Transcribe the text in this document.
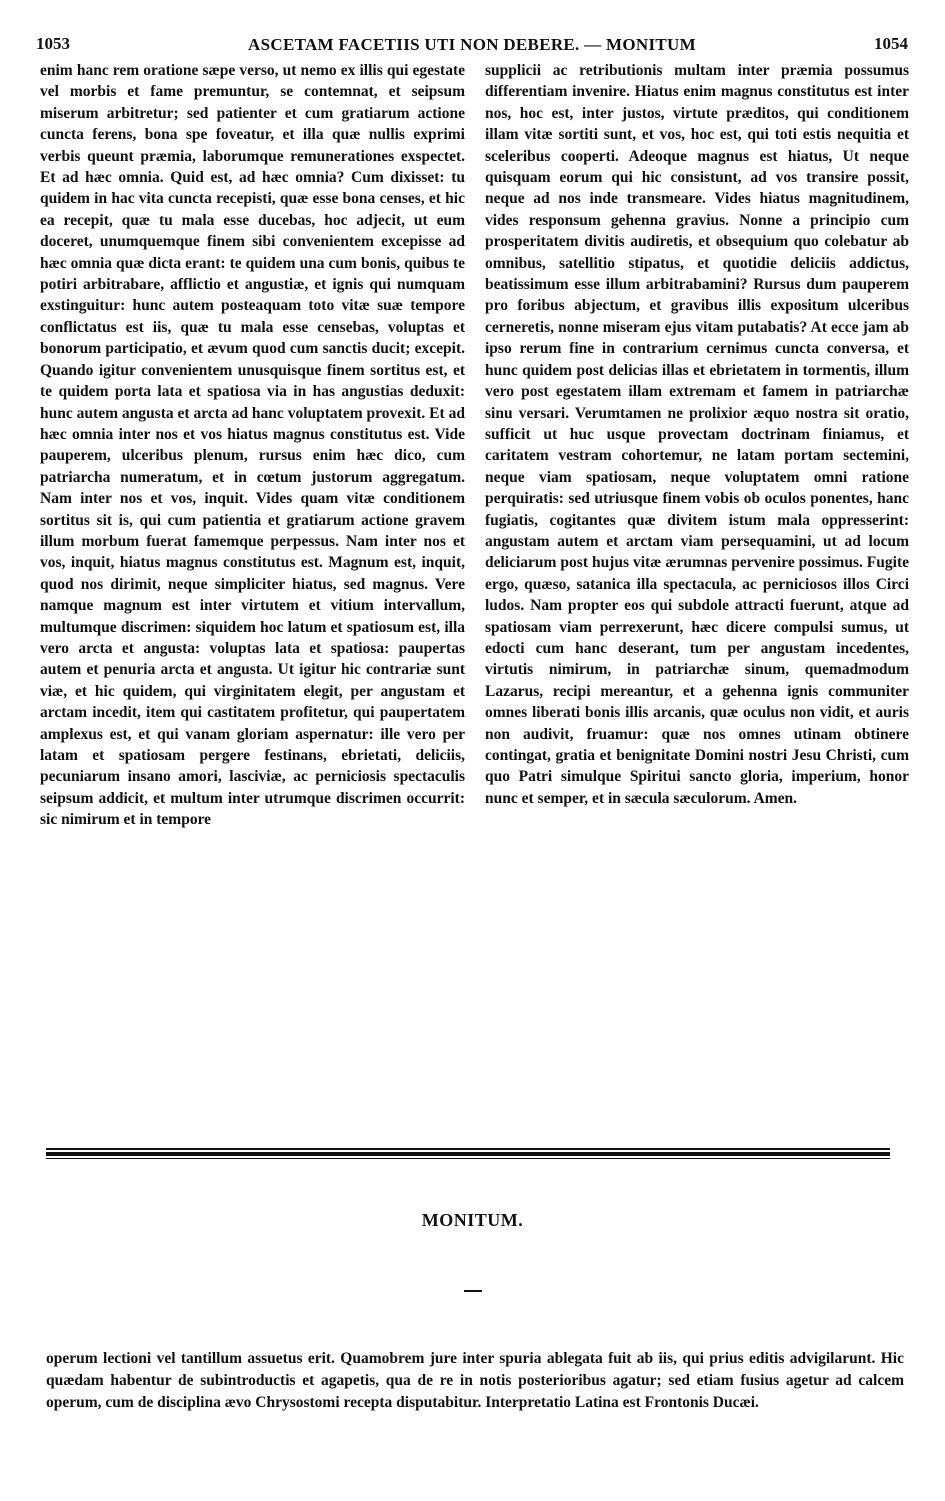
1053	ASCETAM FACETIIS UTI NON DEBERE. — MONITUM	1054

enim hanc rem oratione sæpe verso, ut nemo ex illis qui egestate vel morbis et fame premuntur, se contemnat, et seipsum miserum arbitretur; sed patienter et cum gratiarum actione cuncta ferens, bona spe foveatur, et illa quæ nullis exprimi verbis queunt præmia, laborumque remunerationes exspectet. Et ad hæc omnia. Quid est, ad hæc omnia? Cum dixisset: tu quidem in hac vita cuncta recepisti, quæ esse bona censes, et hic ea recepit, quæ tu mala esse ducebas, hoc adjecit, ut eum doceret, unumquemque finem sibi convenientem excepisse ad hæc omnia quæ dicta erant: te quidem una cum bonis, quibus te potiri arbitrabare, afflictio et angustiæ, et ignis qui numquam exstinguitur: hunc autem posteaquam toto vitæ suæ tempore conflictatus est iis, quæ tu mala esse censebas, voluptas et bonorum participatio, et ævum quod cum sanctis ducit; excepit. Quando igitur convenientem unusquisque finem sortitus est, et te quidem porta lata et spatiosa via in has angustias deduxit: hunc autem angusta et arcta ad hanc voluptatem provexit. Et ad hæc omnia inter nos et vos hiatus magnus constitutus est. Vide pauperem, ulceribus plenum, rursus enim hæc dico, cum patriarcha numeratum, et in cœtum justorum aggregatum. Nam inter nos et vos, inquit. Vides quam vitæ conditionem sortitus sit is, qui cum patientia et gratiarum actione gravem illum morbum fuerat famemque perpessus. Nam inter nos et vos, inquit, hiatus magnus constitutus est. Magnum est, inquit, quod nos dirimit, neque simpliciter hiatus, sed magnus. Vere namque magnum est inter virtutem et vitium intervallum, multumque discrimen: siquidem hoc latum et spatiosum est, illa vero arcta et angusta: voluptas lata et spatiosa: paupertas autem et penuria arcta et angusta. Ut igitur hic contrariæ sunt viæ, et hic quidem, qui virginitatem elegit, per angustam et arctam incedit, item qui castitatem profitetur, qui paupertatem amplexus est, et qui vanam gloriam aspernatur: ille vero per latam et spatiosam pergere festinans, ebrietati, deliciis, pecuniarum insano amori, lasciviæ, ac perniciosis spectaculis seipsum addicit, et multum inter utrumque discrimen occurrit: sic nimirum et in tempore

supplicii ac retributionis multam inter præmia possumus differentiam invenire. Hiatus enim magnus constitutus est inter nos, hoc est, inter justos, virtute præditos, qui conditionem illam vitæ sortiti sunt, et vos, hoc est, qui toti estis nequitia et sceleribus cooperti. Adeoque magnus est hiatus, Ut neque quisquam eorum qui hic consistunt, ad vos transire possit, neque ad nos inde transmeare. Vides hiatus magnitudinem, vides responsum gehenna gravius. Nonne a principio cum prosperitatem divitis audiretis, et obsequium quo colebatur ab omnibus, satellitio stipatus, et quotidie deliciis addictus, beatissimum esse illum arbitrabamini? Rursus dum pauperem pro foribus abjectum, et gravibus illis expositum ulceribus cerneretis, nonne miseram ejus vitam putabatis? At ecce jam ab ipso rerum fine in contrarium cernimus cuncta conversa, et hunc quidem post delicias illas et ebrietatem in tormentis, illum vero post egestatem illam extremam et famem in patriarchæ sinu versari. Verumtamen ne prolixior æquo nostra sit oratio, sufficit ut huc usque provectam doctrinam finiamus, et caritatem vestram cohortemur, ne latam portam sectemini, neque viam spatiosam, neque voluptatem omni ratione perquiratis: sed utriusque finem vobis ob oculos ponentes, hanc fugiatis, cogitantes quæ divitem istum mala oppresserint: angustam autem et arctam viam persequamini, ut ad locum deliciarum post hujus vitæ ærumnas pervenire possimus. Fugite ergo, quæso, satanica illa spectacula, ac perniciosos illos Circi ludos. Nam propter eos qui subdole attracti fuerunt, atque ad spatiosam viam perrexerunt, hæc dicere compulsi sumus, ut edocti cum hanc deserant, tum per angustam incedentes, virtutis nimirum, in patriarchæ sinum, quemadmodum Lazarus, recipi mereantur, et a gehenna ignis communiter omnes liberati bonis illis arcanis, quæ oculus non vidit, et auris non audivit, fruamur: quæ nos omnes utinam obtinere contingat, gratia et benignitate Domini nostri Jesu Christi, cum quo Patri simulque Spiritui sancto gloria, imperium, honor nunc et semper, et in sæcula sæculorum. Amen.

MONITUM.

operum lectioni vel tantillum assuetus erit. Quamobrem jure inter spuria ablegata fuit ab iis, qui prius editis advigilarunt. Hic quædam habentur de subintroductis et agapetis, qua de re in notis posterioribus agatur; sed etiam fusius agetur ad calcem operum, cum de disciplina ævo Chrysostomi recepta disputabitur. Interpretatio Latina est Frontonis Ducæi.
